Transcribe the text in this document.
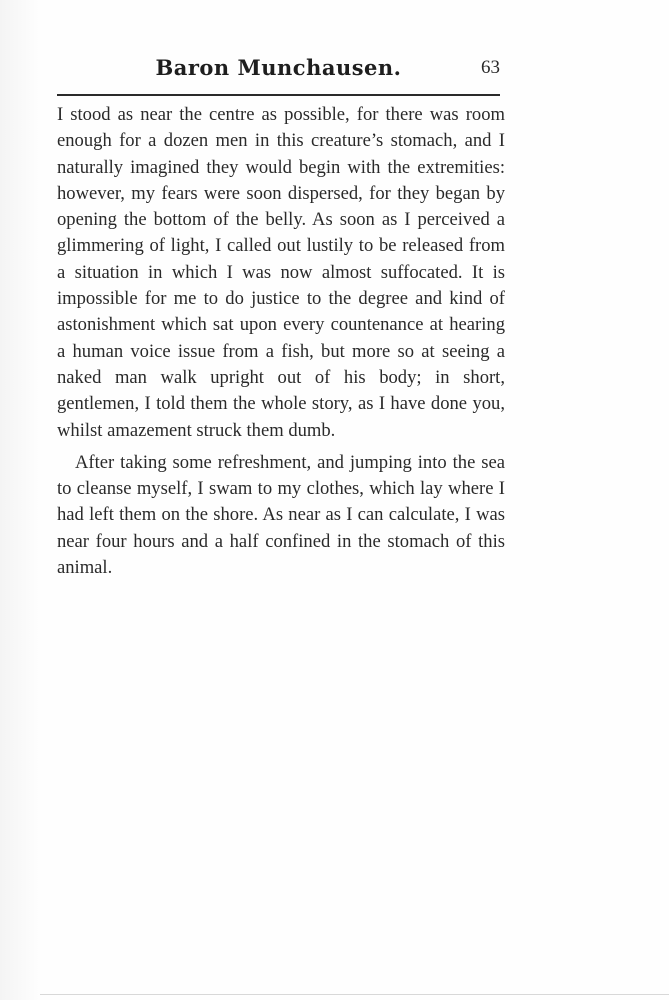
Baron Munchausen.	63

I stood as near the centre as possible, for there was room enough for a dozen men in this creature’s stomach, and I naturally imagined they would begin with the extremities: however, my fears were soon dispersed, for they began by opening the bottom of the belly. As soon as I perceived a glimmering of light, I called out lustily to be released from a situation in which I was now almost suffocated. It is impossible for me to do justice to the degree and kind of astonishment which sat upon every countenance at hearing a human voice issue from a fish, but more so at seeing a naked man walk upright out of his body; in short, gentlemen, I told them the whole story, as I have done you, whilst amazement struck them dumb.

After taking some refreshment, and jumping into the sea to cleanse myself, I swam to my clothes, which lay where I had left them on the shore. As near as I can calculate, I was near four hours and a half confined in the stomach of this animal.
